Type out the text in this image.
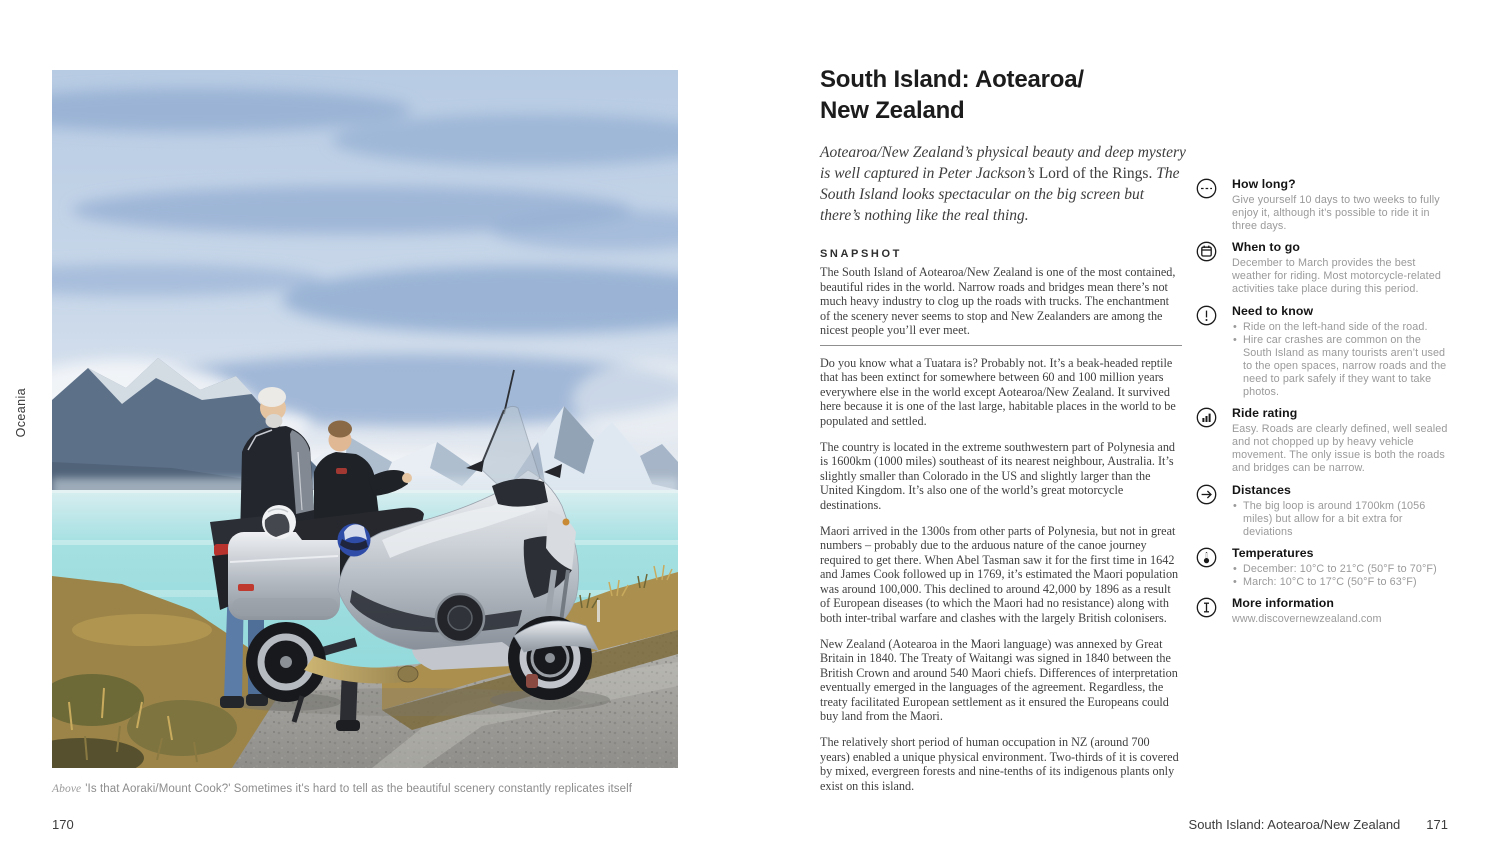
Oceania
Above 'Is that Aoraki/Mount Cook?' Sometimes it's hard to tell as the beautiful scenery constantly replicates itself
170
South Island: Aotearoa/
New Zealand
Aotearoa/New Zealand’s physical beauty and deep mystery is well captured in Peter Jackson’s Lord of the Rings. The South Island looks spectacular on the big screen but there’s nothing like the real thing.
SNAPSHOT
The South Island of Aotearoa/New Zealand is one of the most contained, beautiful rides in the world. Narrow roads and bridges mean there’s not much heavy industry to clog up the roads with trucks. The enchantment of the scenery never seems to stop and New Zealanders are among the nicest people you’ll ever meet.

Do you know what a Tuatara is? Probably not. It’s a beak-headed reptile that has been extinct for somewhere between 60 and 100 million years everywhere else in the world except Aotearoa/New Zealand. It survived here because it is one of the last large, habitable places in the world to be populated and settled.

The country is located in the extreme southwestern part of Polynesia and is 1600km (1000 miles) southeast of its nearest neighbour, Australia. It’s slightly smaller than Colorado in the US and slightly larger than the United Kingdom. It’s also one of the world’s great motorcycle destinations.

Maori arrived in the 1300s from other parts of Polynesia, but not in great numbers – probably due to the arduous nature of the canoe journey required to get there. When Abel Tasman saw it for the first time in 1642 and James Cook followed up in 1769, it’s estimated the Maori population was around 100,000. This declined to around 42,000 by 1896 as a result of European diseases (to which the Maori had no resistance) along with both inter-tribal warfare and clashes with the largely British colonisers.

New Zealand (Aotearoa in the Maori language) was annexed by Great Britain in 1840. The Treaty of Waitangi was signed in 1840 between the British Crown and around 540 Maori chiefs. Differences of interpretation eventually emerged in the languages of the agreement. Regardless, the treaty facilitated European settlement as it ensured the Europeans could buy land from the Maori.

The relatively short period of human occupation in NZ (around 700 years) enabled a unique physical environment. Two-thirds of it is covered by mixed, evergreen forests and nine-tenths of its indigenous plants only exist on this island.

How long?
Give yourself 10 days to two weeks to fully enjoy it, although it’s possible to ride it in three days.
When to go
December to March provides the best weather for riding. Most motorcycle-related activities take place during this period.
Need to know
• Ride on the left-hand side of the road.
• Hire car crashes are common on the South Island as many tourists aren’t used to the open spaces, narrow roads and the need to park safely if they want to take photos.
Ride rating
Easy. Roads are clearly defined, well sealed and not chopped up by heavy vehicle movement. The only issue is both the roads and bridges can be narrow.
Distances
• The big loop is around 1700km (1056 miles) but allow for a bit extra for deviations
Temperatures
• December: 10°C to 21°C (50°F to 70°F)
• March: 10°C to 17°C (50°F to 63°F)
More information
www.discovernewzealand.com
South Island: Aotearoa/New Zealand 171
